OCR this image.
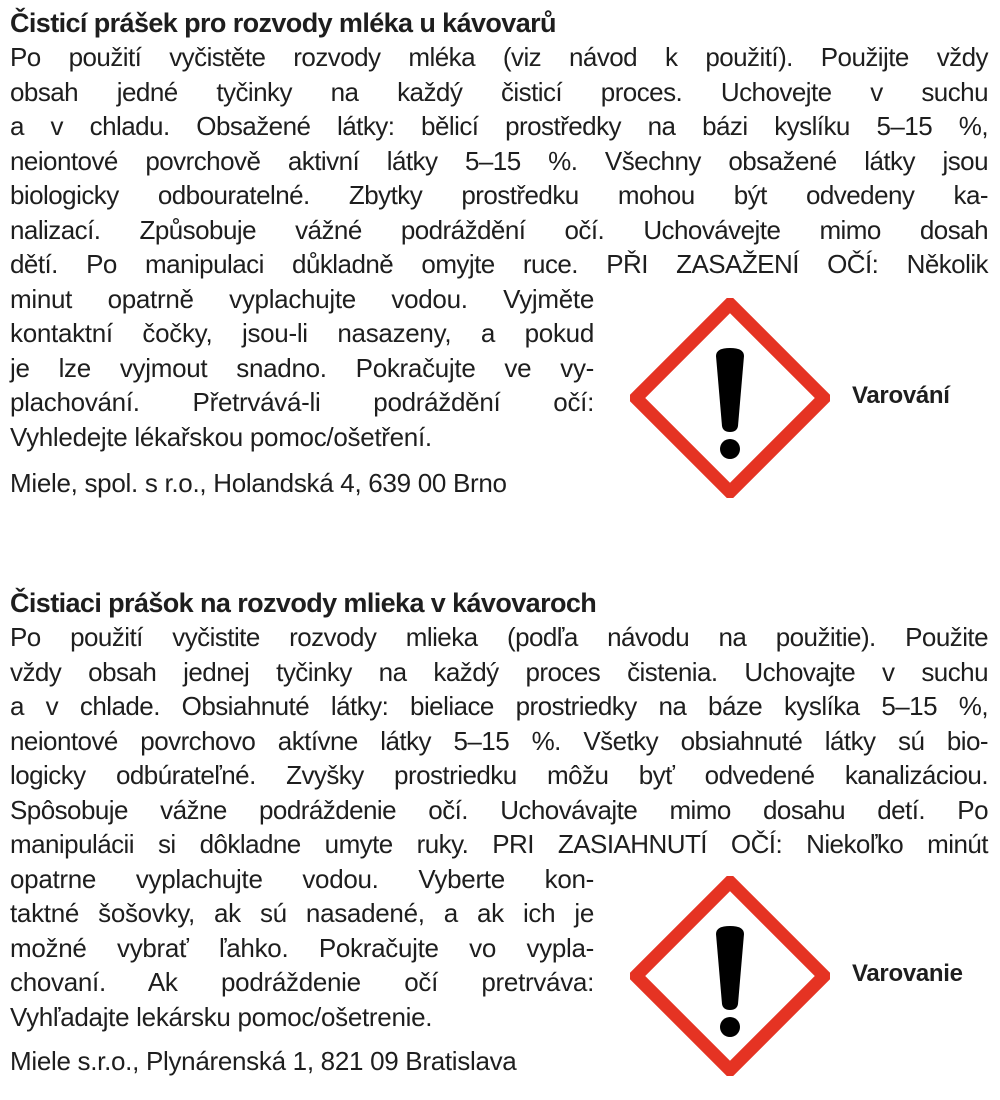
Čisticí prášek pro rozvody mléka u kávovarů
Po použití vyčistěte rozvody mléka (viz návod k použití). Použijte vždy
obsah jedné tyčinky na každý čisticí proces. Uchovejte v suchu
a v chladu. Obsažené látky: bělicí prostředky na bázi kyslíku 5–15 %,
neiontové povrchově aktivní látky 5–15 %. Všechny obsažené látky jsou
biologicky odbouratelné. Zbytky prostředku mohou být odvedeny ka-
nalizací. Způsobuje vážné podráždění očí. Uchovávejte mimo dosah
dětí. Po manipulaci důkladně omyjte ruce. PŘI ZASAŽENÍ OČÍ: Několik
minut opatrně vyplachujte vodou. Vyjměte
kontaktní čočky, jsou-li nasazeny, a pokud
je lze vyjmout snadno. Pokračujte ve vy-
plachování. Přetrvává-li podráždění očí:
Vyhledejte lékařskou pomoc/ošetření.
Miele, spol. s r.o., Holandská 4, 639 00 Brno
Varování
Čistiaci prášok na rozvody mlieka v kávovaroch
Po použití vyčistite rozvody mlieka (podľa návodu na použitie). Použite
vždy obsah jednej tyčinky na každý proces čistenia. Uchovajte v suchu
a v chlade. Obsiahnuté látky: bieliace prostriedky na báze kyslíka 5–15 %,
neiontové povrchovo aktívne látky 5–15 %. Všetky obsiahnuté látky sú bio-
logicky odbúrateľné. Zvyšky prostriedku môžu byť odvedené kanalizáciou.
Spôsobuje vážne podráždenie očí. Uchovávajte mimo dosahu detí. Po
manipulácii si dôkladne umyte ruky. PRI ZASIAHNUTÍ OČÍ: Niekoľko minút
opatrne vyplachujte vodou. Vyberte kon-
taktné šošovky, ak sú nasadené, a ak ich je
možné vybrať ľahko. Pokračujte vo vypla-
chovaní. Ak podráždenie očí pretrváva:
Vyhľadajte lekársku pomoc/ošetrenie.
Miele s.r.o., Plynárenská 1, 821 09 Bratislava
Varovanie
